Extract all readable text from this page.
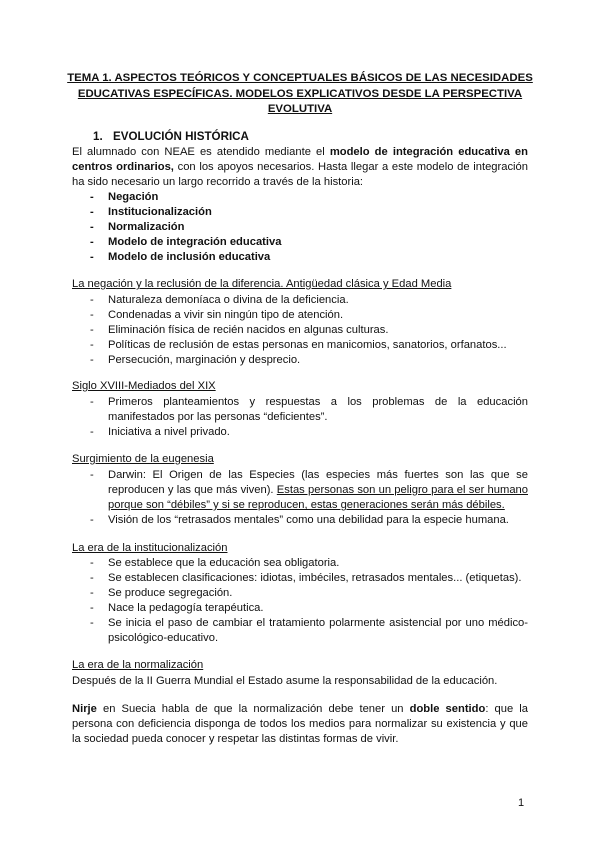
TEMA 1. ASPECTOS TEÓRICOS Y CONCEPTUALES BÁSICOS DE LAS NECESIDADES EDUCATIVAS ESPECÍFICAS. MODELOS EXPLICATIVOS DESDE LA PERSPECTIVA EVOLUTIVA
1. EVOLUCIÓN HISTÓRICA
El alumnado con NEAE es atendido mediante el modelo de integración educativa en centros ordinarios, con los apoyos necesarios. Hasta llegar a este modelo de integración ha sido necesario un largo recorrido a través de la historia:
- Negación
- Institucionalización
- Normalización
- Modelo de integración educativa
- Modelo de inclusión educativa
La negación y la reclusión de la diferencia. Antigüedad clásica y Edad Media
- Naturaleza demoníaca o divina de la deficiencia.
- Condenadas a vivir sin ningún tipo de atención.
- Eliminación física de recién nacidos en algunas culturas.
- Políticas de reclusión de estas personas en manicomios, sanatorios, orfanatos...
- Persecución, marginación y desprecio.
Siglo XVIII-Mediados del XIX
- Primeros planteamientos y respuestas a los problemas de la educación manifestados por las personas “deficientes”.
- Iniciativa a nivel privado.
Surgimiento de la eugenesia
- Darwin: El Origen de las Especies (las especies más fuertes son las que se reproducen y las que más viven). Estas personas son un peligro para el ser humano porque son “débiles” y si se reproducen, estas generaciones serán más débiles.
- Visión de los “retrasados mentales” como una debilidad para la especie humana.
La era de la institucionalización
- Se establece que la educación sea obligatoria.
- Se establecen clasificaciones: idiotas, imbéciles, retrasados mentales... (etiquetas).
- Se produce segregación.
- Nace la pedagogía terapéutica.
- Se inicia el paso de cambiar el tratamiento polarmente asistencial por uno médico-psicológico-educativo.
La era de la normalización
Después de la II Guerra Mundial el Estado asume la responsabilidad de la educación.
Nirje en Suecia habla de que la normalización debe tener un doble sentido: que la persona con deficiencia disponga de todos los medios para normalizar su existencia y que la sociedad pueda conocer y respetar las distintas formas de vivir.
1
